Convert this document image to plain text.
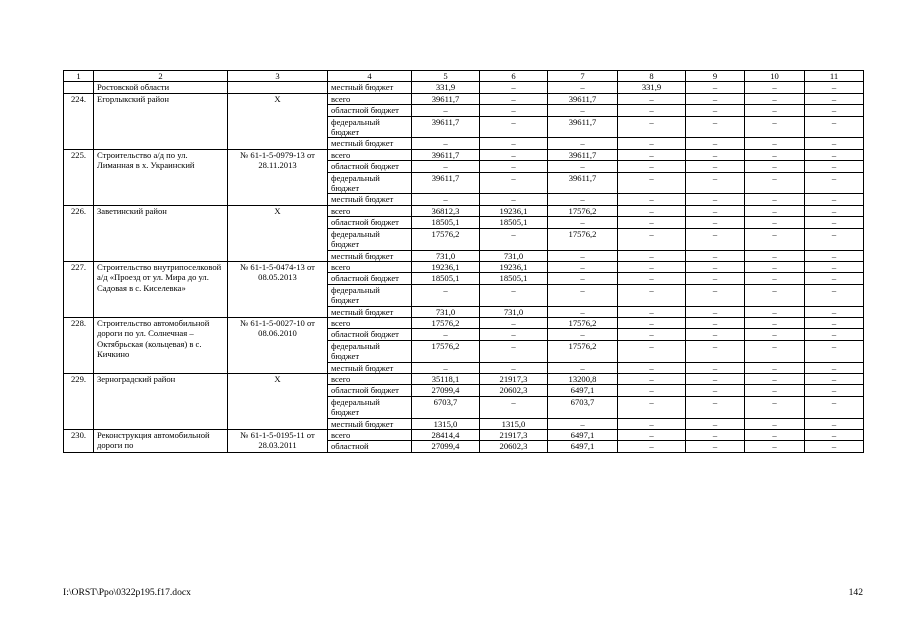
1	2	3	4	5	6	7	8	9	10	11
	Ростовской области		местный бюджет	331,9	–	–	331,9	–	–	–
224.	Егорлыкский район	Х	всего	39611,7	–	39611,7	–	–	–	–
			областной бюджет	–	–	–	–	–	–	–
			федеральный бюджет	39611,7	–	39611,7	–	–	–	–
			местный бюджет	–	–	–	–	–	–	–
225.	Строительство а/д по ул. Лиманная в х. Украинский	№ 61-1-5-0979-13 от 28.11.2013	всего	39611,7	–	39611,7	–	–	–	–
			областной бюджет	–	–	–	–	–	–	–
			федеральный бюджет	39611,7	–	39611,7	–	–	–	–
			местный бюджет	–	–	–	–	–	–	–
226.	Заветинский район	Х	всего	36812,3	19236,1	17576,2	–	–	–	–
			областной бюджет	18505,1	18505,1	–	–	–	–	–
			федеральный бюджет	17576,2	–	17576,2	–	–	–	–
			местный бюджет	731,0	731,0	–	–	–	–	–
227.	Строительство внутрипоселковой а/д «Проезд от ул. Мира до ул. Садовая в с. Киселевка»	№ 61-1-5-0474-13 от 08.05.2013	всего	19236,1	19236,1	–	–	–	–	–
			областной бюджет	18505,1	18505,1	–	–	–	–	–
			федеральный бюджет	–	–	–	–	–	–	–
			местный бюджет	731,0	731,0	–	–	–	–	–
228.	Строительство автомобильной дороги по ул. Солнечная – Октябрьская (кольцевая) в с. Кичкино	№ 61-1-5-0027-10 от 08.06.2010	всего	17576,2	–	17576,2	–	–	–	–
			областной бюджет	–	–	–	–	–	–	–
			федеральный бюджет	17576,2	–	17576,2	–	–	–	–
			местный бюджет	–	–	–	–	–	–	–
229.	Зерноградский район	Х	всего	35118,1	21917,3	13200,8	–	–	–	–
			областной бюджет	27099,4	20602,3	6497,1	–	–	–	–
			федеральный бюджет	6703,7	–	6703,7	–	–	–	–
			местный бюджет	1315,0	1315,0	–	–	–	–	–
230.	Реконструкция автомобильной дороги по	№ 61-1-5-0195-11 от 28.03.2011	всего	28414,4	21917,3	6497,1	–	–	–	–
			областной	27099,4	20602,3	6497,1	–	–	–	–
I:\ORST\Ppo\0322p195.f17.docx	142
